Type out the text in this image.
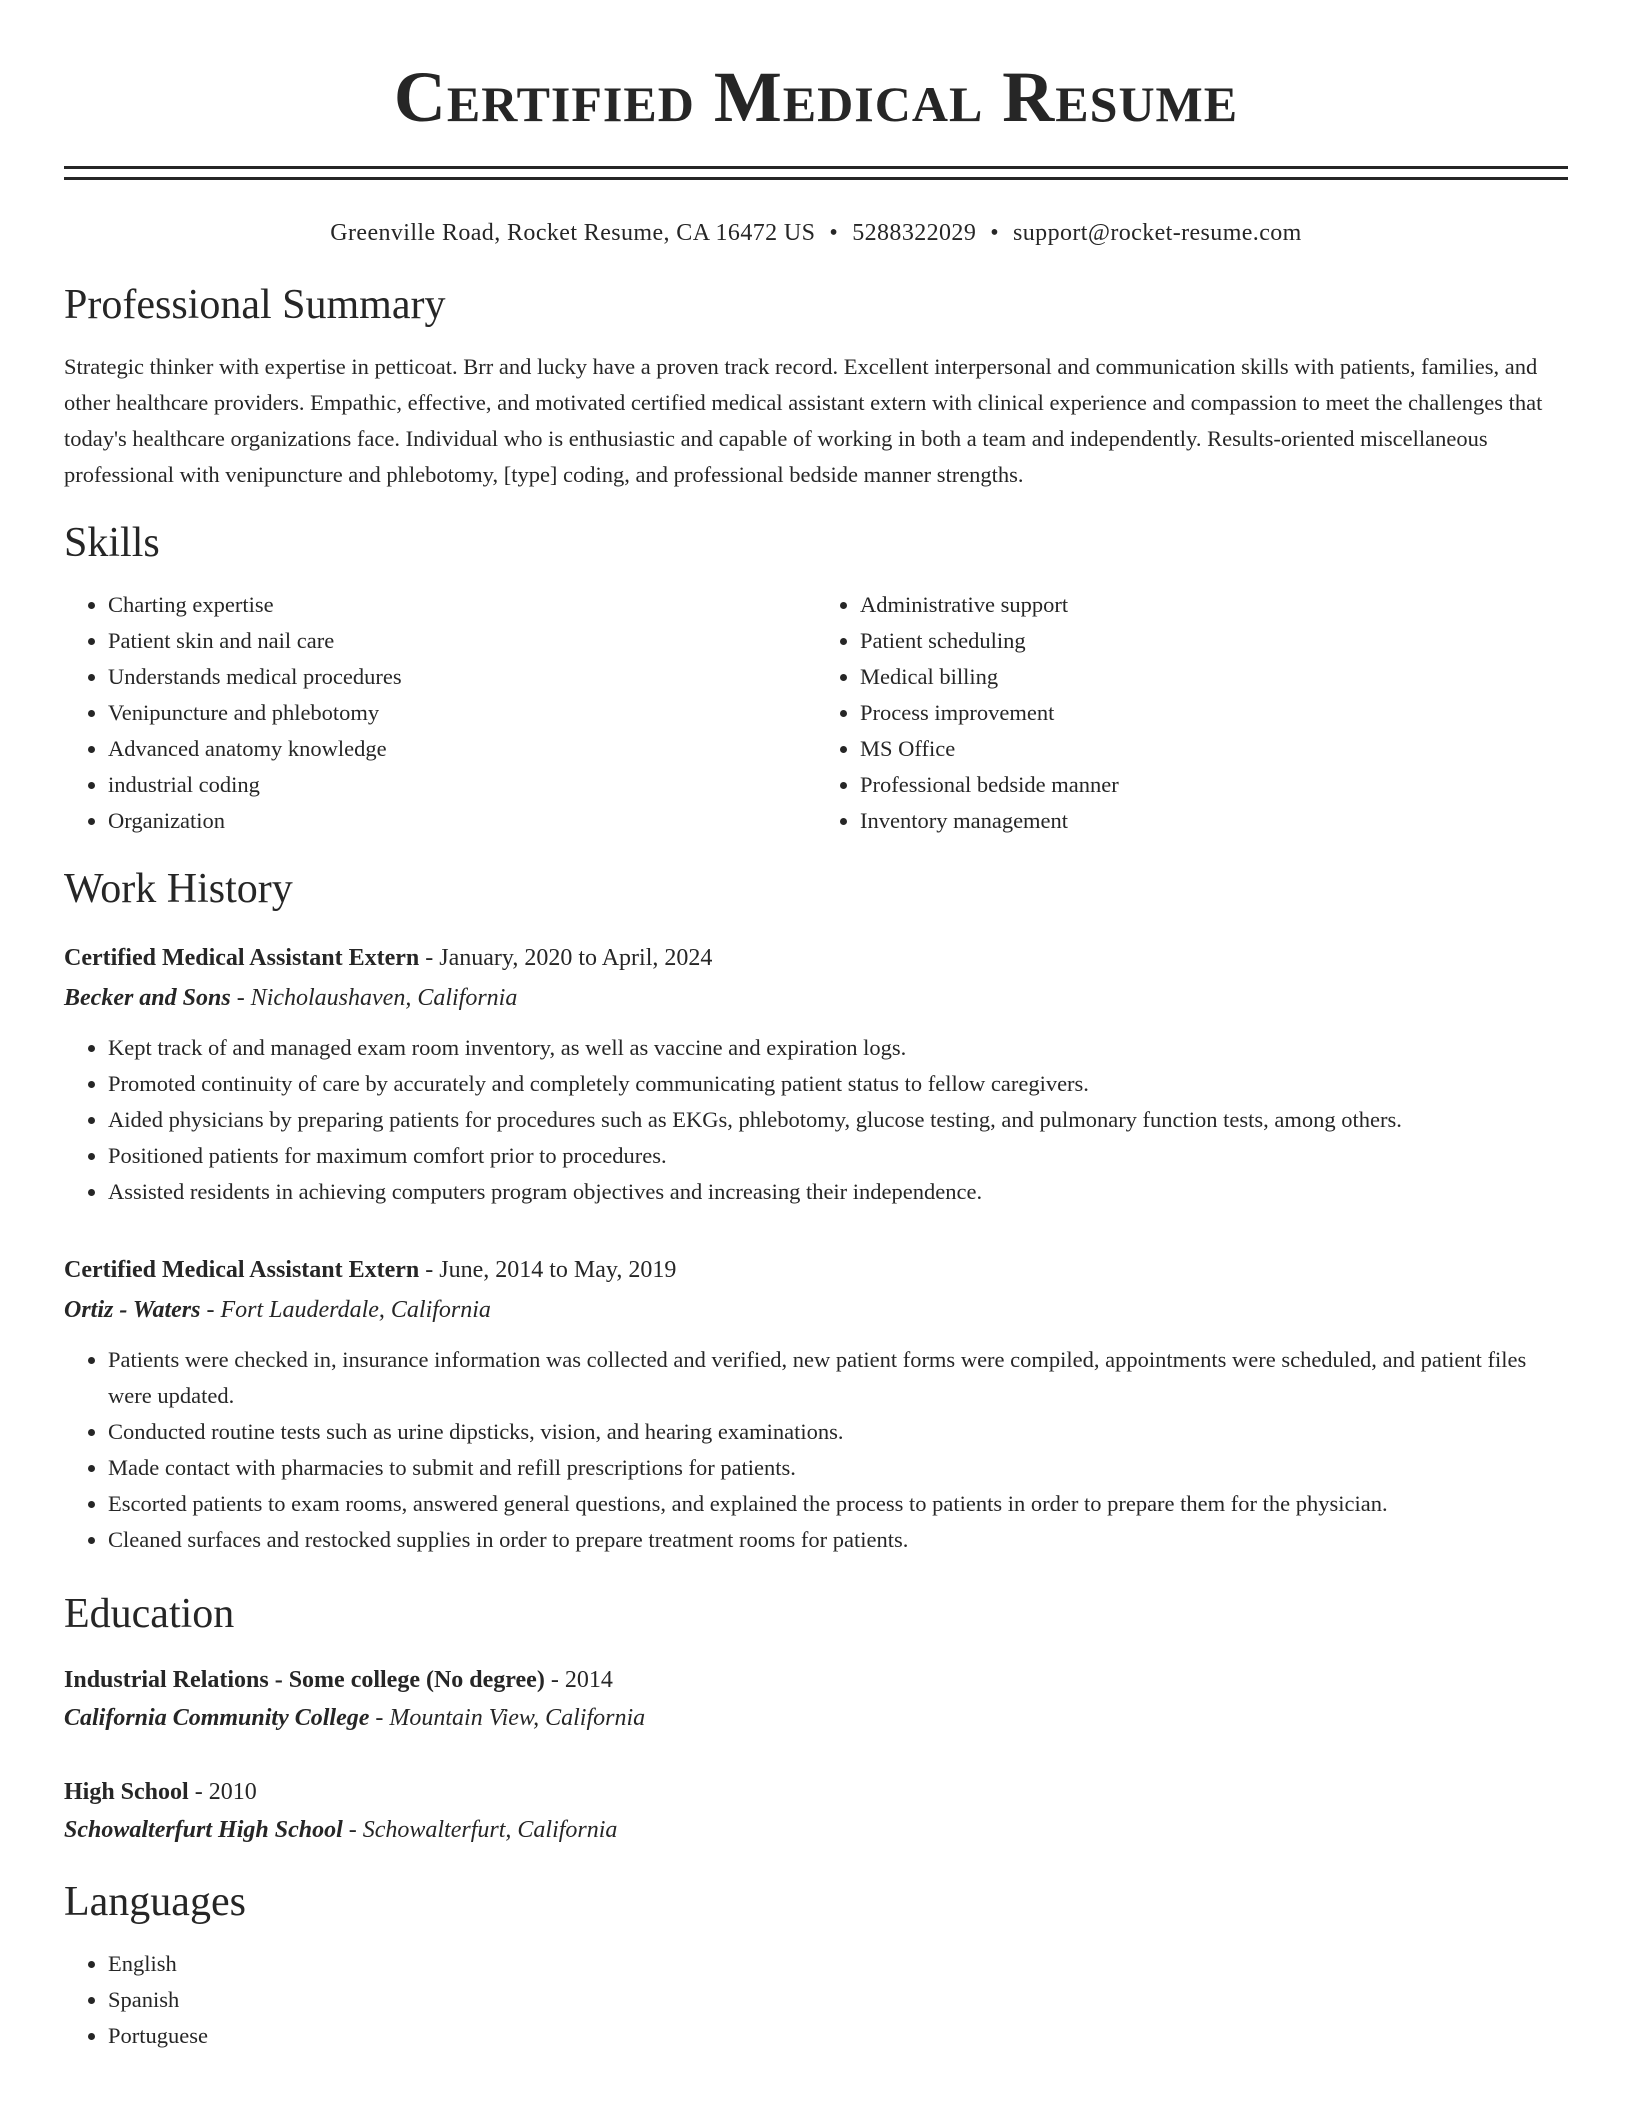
Certified Medical Resume
Greenville Road, Rocket Resume, CA 16472 US • 5288322029 • support@rocket-resume.com
Professional Summary

Strategic thinker with expertise in petticoat. Brr and lucky have a proven track record. Excellent interpersonal and communication skills with patients, families, and other healthcare providers. Empathic, effective, and motivated certified medical assistant extern with clinical experience and compassion to meet the challenges that today's healthcare organizations face. Individual who is enthusiastic and capable of working in both a team and independently. Results-oriented miscellaneous professional with venipuncture and phlebotomy, [type] coding, and professional bedside manner strengths.

Skills
• Charting expertise
• Patient skin and nail care
• Understands medical procedures
• Venipuncture and phlebotomy
• Advanced anatomy knowledge
• industrial coding
• Organization
• Administrative support
• Patient scheduling
• Medical billing
• Process improvement
• MS Office
• Professional bedside manner
• Inventory management
Work History
Certified Medical Assistant Extern - January, 2020 to April, 2024
Becker and Sons - Nicholaushaven, California
• Kept track of and managed exam room inventory, as well as vaccine and expiration logs.
• Promoted continuity of care by accurately and completely communicating patient status to fellow caregivers.
• Aided physicians by preparing patients for procedures such as EKGs, phlebotomy, glucose testing, and pulmonary function tests, among others.
• Positioned patients for maximum comfort prior to procedures.
• Assisted residents in achieving computers program objectives and increasing their independence.
Certified Medical Assistant Extern - June, 2014 to May, 2019
Ortiz - Waters - Fort Lauderdale, California
• Patients were checked in, insurance information was collected and verified, new patient forms were compiled, appointments were scheduled, and patient files were updated.
• Conducted routine tests such as urine dipsticks, vision, and hearing examinations.
• Made contact with pharmacies to submit and refill prescriptions for patients.
• Escorted patients to exam rooms, answered general questions, and explained the process to patients in order to prepare them for the physician.
• Cleaned surfaces and restocked supplies in order to prepare treatment rooms for patients.
Education
Industrial Relations - Some college (No degree) - 2014
California Community College - Mountain View, California
High School - 2010
Schowalterfurt High School - Schowalterfurt, California
Languages
• English
• Spanish
• Portuguese
